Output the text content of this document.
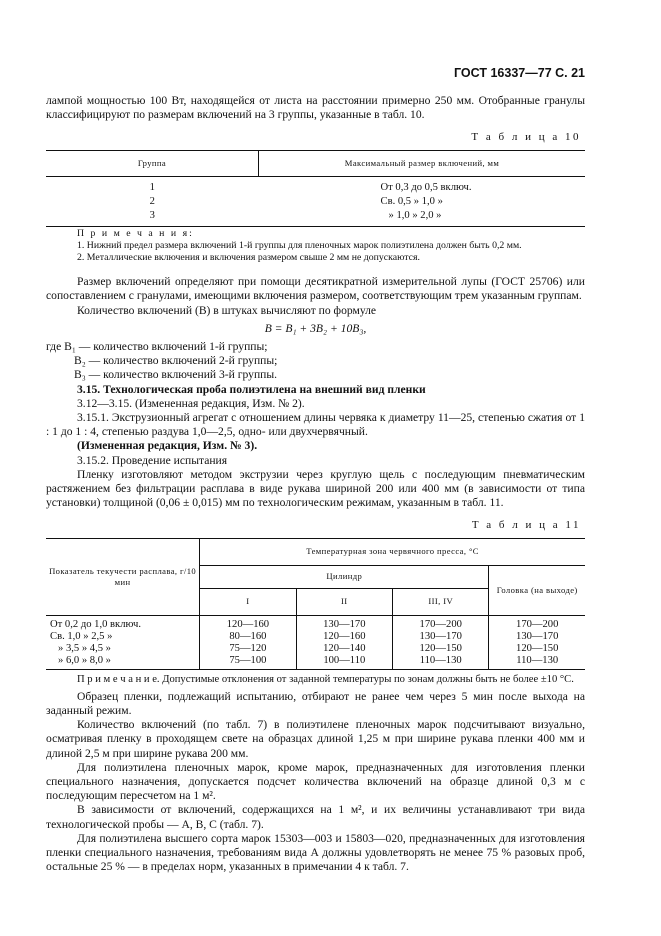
ГОСТ 16337—77 С. 21

лампой мощностью 100 Вт, находящейся от листа на расстоянии примерно 250 мм. Отобранные гранулы классифицируют по размерам включений на 3 группы, указанные в табл. 10.

Т а б л и ц а 10
Группа	Максимальный размер включений, мм
1	От 0,3 до 0,5 включ.
2	Св. 0,5 » 1,0 »
3	» 1,0 » 2,0 »
П р и м е ч а н и я:
1. Нижний предел размера включений 1-й группы для пленочных марок полиэтилена должен быть 0,2 мм.
2. Металлические включения и включения размером свыше 2 мм не допускаются.

Размер включений определяют при помощи десятикратной измерительной лупы (ГОСТ 25706) или сопоставлением с гранулами, имеющими включения размером, соответствующим трем указанным группам.

Количество включений (В) в штуках вычисляют по формуле

В = B₁ + 3B₂ + 10B₃,
где B₁ — количество включений 1-й группы;
B₂ — количество включений 2-й группы;
B₃ — количество включений 3-й группы.

3.15. Технологическая проба полиэтилена на внешний вид пленки

3.12—3.15. (Измененная редакция, Изм. № 2).

3.15.1. Экструзионный агрегат с отношением длины червяка к диаметру 11—25, степенью сжатия от 1 : 1 до 1 : 4, степенью раздува 1,0—2,5, одно- или двухчервячный.

(Измененная редакция, Изм. № 3).

3.15.2. Проведение испытания

Пленку изготовляют методом экструзии через круглую щель с последующим пневматическим растяжением без фильтрации расплава в виде рукава шириной 200 или 400 мм (в зависимости от типа установки) толщиной (0,06 ± 0,015) мм по технологическим режимам, указанным в табл. 11.

Т а б л и ц а 11
Показатель текучести расплава, г/10 мин	Температурная зона червячного пресса, °С			
	Цилиндр			Головка (на выходе)
	I	II	III, IV	
От 0,2 до 1,0 включ.	120—160	130—170	170—200	170—200
Св. 1,0 » 2,5 »	80—160	120—160	130—170	130—170
» 3,5 » 4,5 »	75—120	120—140	120—150	120—150
» 6,0 » 8,0 »	75—100	100—110	110—130	110—130

П р и м е ч а н и е. Допустимые отклонения от заданной температуры по зонам должны быть не более ±10 °С.

Образец пленки, подлежащий испытанию, отбирают не ранее чем через 5 мин после выхода на заданный режим.

Количество включений (по табл. 7) в полиэтилене пленочных марок подсчитывают визуально, осматривая пленку в проходящем свете на образцах длиной 1,25 м при ширине рукава пленки 400 мм и длиной 2,5 м при ширине рукава 200 мм.

Для полиэтилена пленочных марок, кроме марок, предназначенных для изготовления пленки специального назначения, допускается подсчет количества включений на образце длиной 0,3 м с последующим пересчетом на 1 м².

В зависимости от включений, содержащихся на 1 м², и их величины устанавливают три вида технологической пробы — А, В, С (табл. 7).

Для полиэтилена высшего сорта марок 15303—003 и 15803—020, предназначенных для изготовления пленки специального назначения, требованиям вида А должны удовлетворять не менее 75 % разовых проб, остальные 25 % — в пределах норм, указанных в примечании 4 к табл. 7.
